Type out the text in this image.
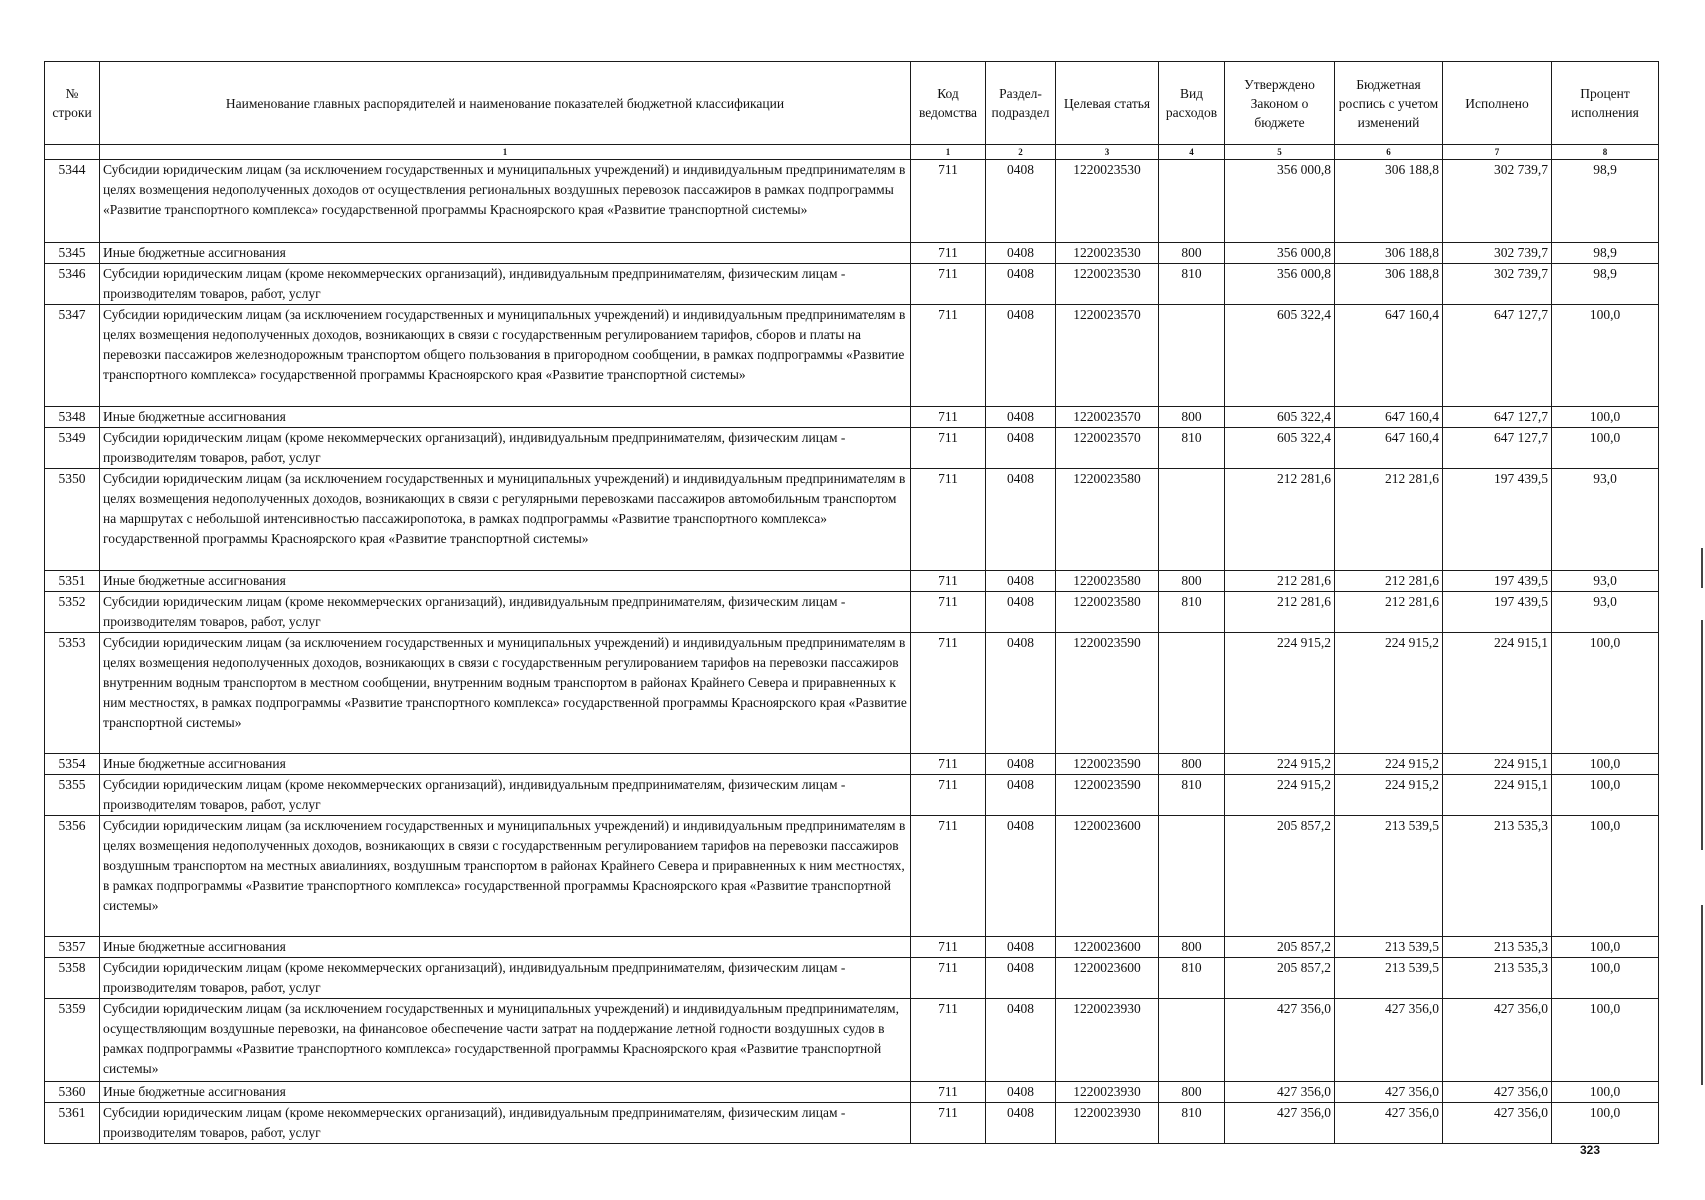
№ строки	Наименование главных распорядителей и наименование показателей бюджетной классификации	Код ведомства	Раздел-подраздел	Целевая статья	Вид расходов	Утверждено Законом о бюджете	Бюджетная роспись с учетом изменений	Исполнено	Процент исполнения
	1	1	2	3	4	5	6	7	8
5344	Субсидии юридическим лицам (за исключением государственных и муниципальных учреждений) и индивидуальным предпринимателям в целях возмещения недополученных доходов от осуществления региональных воздушных перевозок пассажиров в рамках подпрограммы «Развитие транспортного комплекса» государственной программы Красноярского края «Развитие транспортной системы»	711	0408	1220023530		356 000,8	306 188,8	302 739,7	98,9
5345	Иные бюджетные ассигнования	711	0408	1220023530	800	356 000,8	306 188,8	302 739,7	98,9
5346	Субсидии юридическим лицам (кроме некоммерческих организаций), индивидуальным предпринимателям, физическим лицам - производителям товаров, работ, услуг	711	0408	1220023530	810	356 000,8	306 188,8	302 739,7	98,9
5347	Субсидии юридическим лицам (за исключением государственных и муниципальных учреждений) и индивидуальным предпринимателям в целях возмещения недополученных доходов, возникающих в связи с государственным регулированием тарифов, сборов и платы на перевозки пассажиров железнодорожным транспортом общего пользования в пригородном сообщении, в рамках подпрограммы «Развитие транспортного комплекса» государственной программы Красноярского края «Развитие транспортной системы»	711	0408	1220023570		605 322,4	647 160,4	647 127,7	100,0
5348	Иные бюджетные ассигнования	711	0408	1220023570	800	605 322,4	647 160,4	647 127,7	100,0
5349	Субсидии юридическим лицам (кроме некоммерческих организаций), индивидуальным предпринимателям, физическим лицам - производителям товаров, работ, услуг	711	0408	1220023570	810	605 322,4	647 160,4	647 127,7	100,0
5350	Субсидии юридическим лицам (за исключением государственных и муниципальных учреждений) и индивидуальным предпринимателям в целях возмещения недополученных доходов, возникающих в связи с регулярными перевозками пассажиров автомобильным транспортом на маршрутах с небольшой интенсивностью пассажиропотока, в рамках подпрограммы «Развитие транспортного комплекса» государственной программы Красноярского края «Развитие транспортной системы»	711	0408	1220023580		212 281,6	212 281,6	197 439,5	93,0
5351	Иные бюджетные ассигнования	711	0408	1220023580	800	212 281,6	212 281,6	197 439,5	93,0
5352	Субсидии юридическим лицам (кроме некоммерческих организаций), индивидуальным предпринимателям, физическим лицам - производителям товаров, работ, услуг	711	0408	1220023580	810	212 281,6	212 281,6	197 439,5	93,0
5353	Субсидии юридическим лицам (за исключением государственных и муниципальных учреждений) и индивидуальным предпринимателям в целях возмещения недополученных доходов, возникающих в связи с государственным регулированием тарифов на перевозки пассажиров внутренним водным транспортом в местном сообщении, внутренним водным транспортом в районах Крайнего Севера и приравненных к ним местностях, в рамках подпрограммы «Развитие транспортного комплекса» государственной программы Красноярского края «Развитие транспортной системы»	711	0408	1220023590		224 915,2	224 915,2	224 915,1	100,0
5354	Иные бюджетные ассигнования	711	0408	1220023590	800	224 915,2	224 915,2	224 915,1	100,0
5355	Субсидии юридическим лицам (кроме некоммерческих организаций), индивидуальным предпринимателям, физическим лицам - производителям товаров, работ, услуг	711	0408	1220023590	810	224 915,2	224 915,2	224 915,1	100,0
5356	Субсидии юридическим лицам (за исключением государственных и муниципальных учреждений) и индивидуальным предпринимателям в целях возмещения недополученных доходов, возникающих в связи с государственным регулированием тарифов на перевозки пассажиров воздушным транспортом на местных авиалиниях, воздушным транспортом в районах Крайнего Севера и приравненных к ним местностях, в рамках подпрограммы «Развитие транспортного комплекса» государственной программы Красноярского края «Развитие транспортной системы»	711	0408	1220023600		205 857,2	213 539,5	213 535,3	100,0
5357	Иные бюджетные ассигнования	711	0408	1220023600	800	205 857,2	213 539,5	213 535,3	100,0
5358	Субсидии юридическим лицам (кроме некоммерческих организаций), индивидуальным предпринимателям, физическим лицам - производителям товаров, работ, услуг	711	0408	1220023600	810	205 857,2	213 539,5	213 535,3	100,0
5359	Субсидии юридическим лицам (за исключением государственных и муниципальных учреждений) и индивидуальным предпринимателям, осуществляющим воздушные перевозки, на финансовое обеспечение части затрат на поддержание летной годности воздушных судов в рамках подпрограммы «Развитие транспортного комплекса» государственной программы Красноярского края «Развитие транспортной системы»	711	0408	1220023930		427 356,0	427 356,0	427 356,0	100,0
5360	Иные бюджетные ассигнования	711	0408	1220023930	800	427 356,0	427 356,0	427 356,0	100,0
5361	Субсидии юридическим лицам (кроме некоммерческих организаций), индивидуальным предпринимателям, физическим лицам - производителям товаров, работ, услуг	711	0408	1220023930	810	427 356,0	427 356,0	427 356,0	100,0
323
